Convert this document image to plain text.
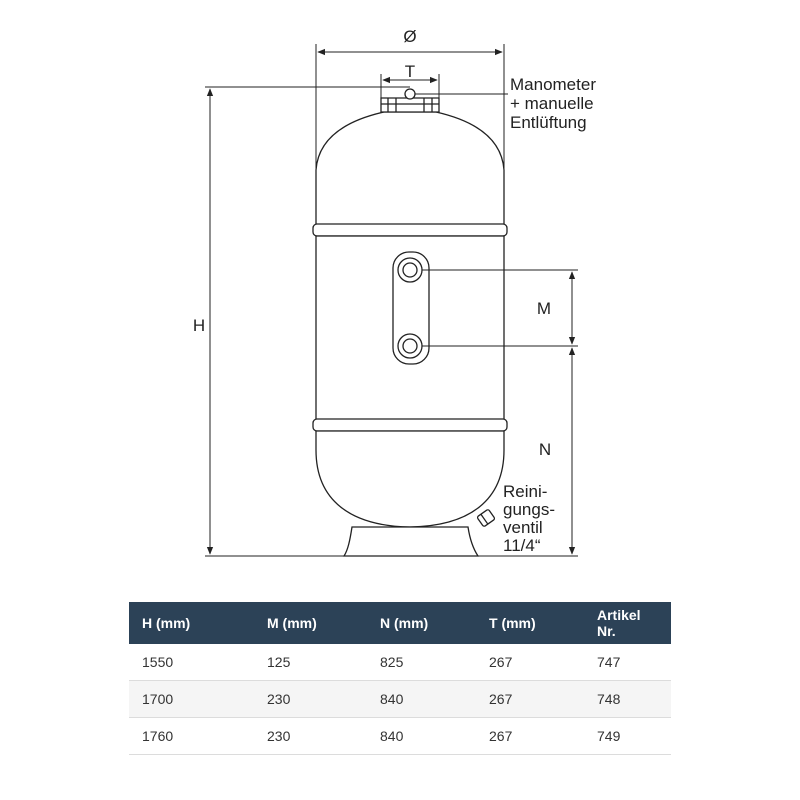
Ø
T
H
M
N
Manometer + manuelle Entlüftung
Reini- gungs- ventil 11/4“
H (mm)	M (mm)	N (mm)	T (mm)	Artikel
Nr.
1550	125	825	267	747
1700	230	840	267	748
1760	230	840	267	749
